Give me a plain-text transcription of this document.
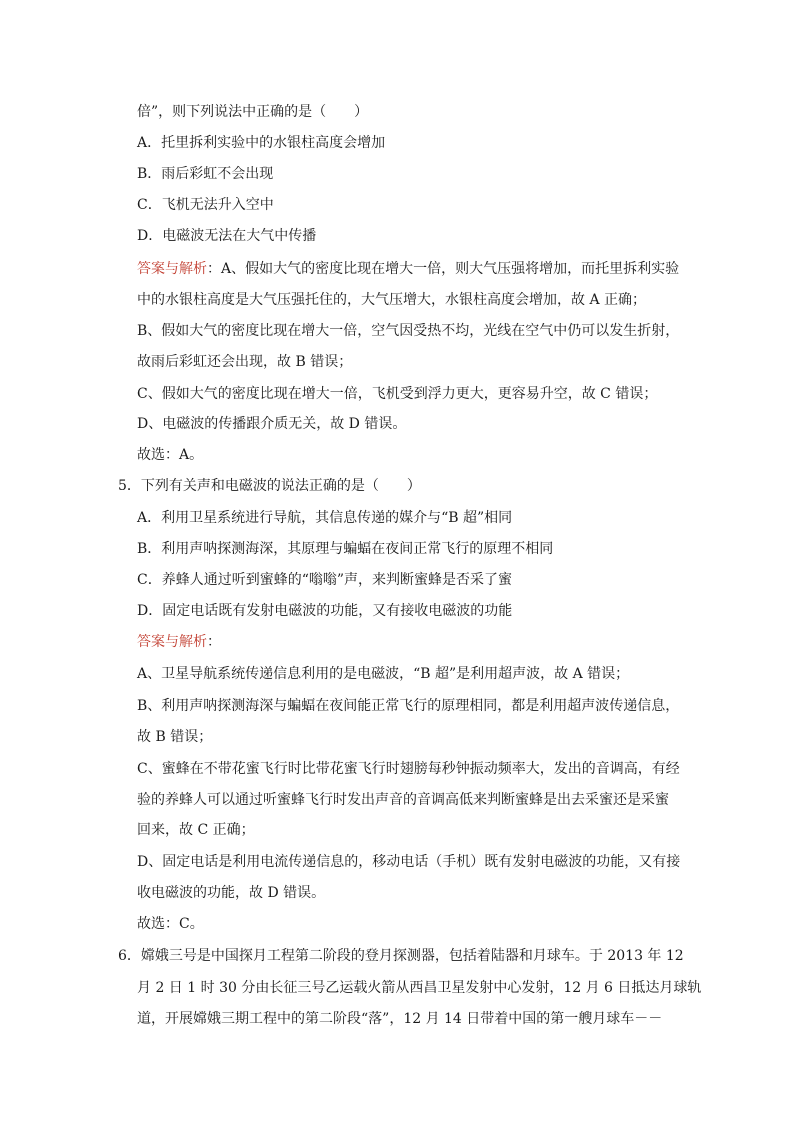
倍”，则下列说法中正确的是（　　）
A．托里拆利实验中的水银柱高度会增加
B．雨后彩虹不会出现
C．飞机无法升入空中
D．电磁波无法在大气中传播
答案与解析：A、假如大气的密度比现在增大一倍，则大气压强将增加，而托里拆利实验
中的水银柱高度是大气压强托住的，大气压增大，水银柱高度会增加，故 A 正确；
B、假如大气的密度比现在增大一倍，空气因受热不均，光线在空气中仍可以发生折射，
故雨后彩虹还会出现，故 B 错误；
C、假如大气的密度比现在增大一倍，飞机受到浮力更大，更容易升空，故 C 错误；
D、电磁波的传播跟介质无关，故 D 错误。
故选：A。
5．下列有关声和电磁波的说法正确的是（　　）
A．利用卫星系统进行导航，其信息传递的媒介与“B 超”相同
B．利用声呐探测海深，其原理与蝙蝠在夜间正常飞行的原理不相同
C．养蜂人通过听到蜜蜂的“嗡嗡”声，来判断蜜蜂是否采了蜜
D．固定电话既有发射电磁波的功能，又有接收电磁波的功能
答案与解析：
A、卫星导航系统传递信息利用的是电磁波，“B 超”是利用超声波，故 A 错误；
B、利用声呐探测海深与蝙蝠在夜间能正常飞行的原理相同，都是利用超声波传递信息，
故 B 错误；
C、蜜蜂在不带花蜜飞行时比带花蜜飞行时翅膀每秒钟振动频率大，发出的音调高，有经
验的养蜂人可以通过听蜜蜂飞行时发出声音的音调高低来判断蜜蜂是出去采蜜还是采蜜
回来，故 C 正确；
D、固定电话是利用电流传递信息的，移动电话（手机）既有发射电磁波的功能，又有接
收电磁波的功能，故 D 错误。
故选：C。
6．嫦娥三号是中国探月工程第二阶段的登月探测器，包括着陆器和月球车。于 2013 年 12
月 2 日 1 时 30 分由长征三号乙运载火箭从西昌卫星发射中心发射，12 月 6 日抵达月球轨
道，开展嫦娥三期工程中的第二阶段“落”，12 月 14 日带着中国的第一艘月球车－－
